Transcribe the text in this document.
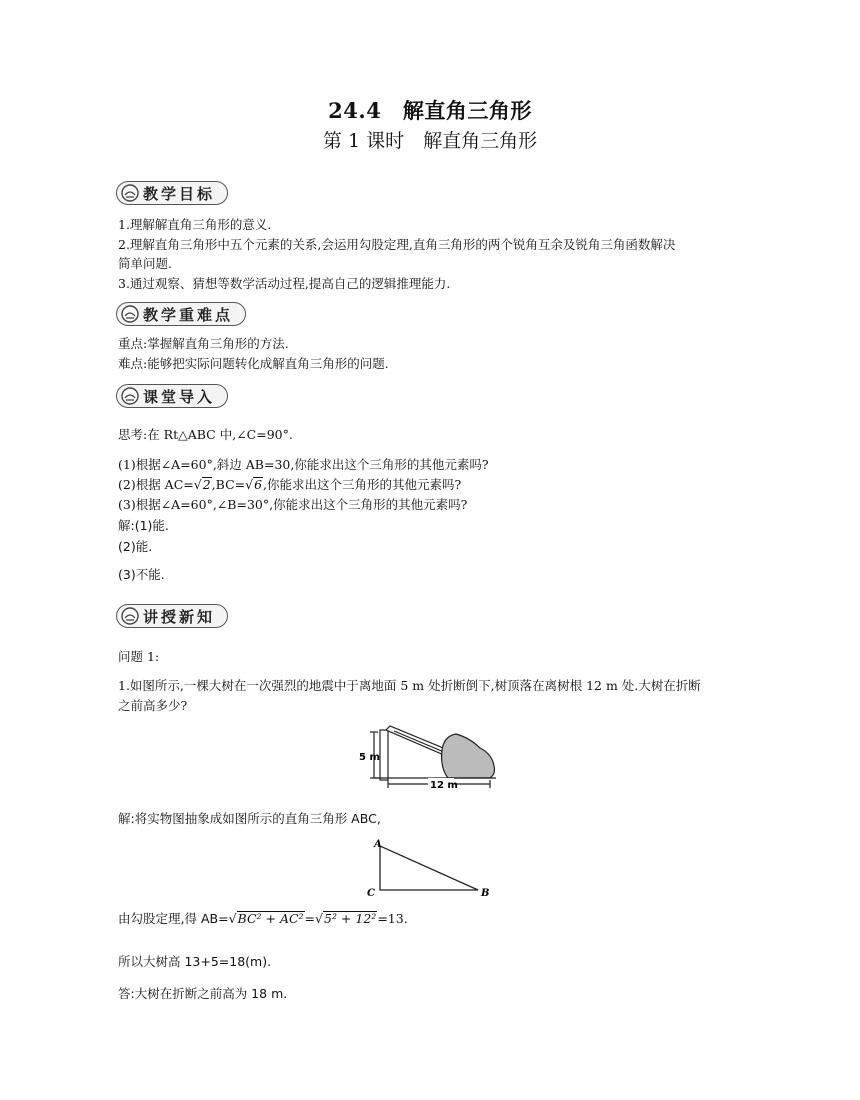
24.4　解直角三角形
第 1 课时　解直角三角形
教学目标
1.理解解直角三角形的意义.
2.理解直角三角形中五个元素的关系,会运用勾股定理,直角三角形的两个锐角互余及锐角三角函数解决
简单问题.
3.通过观察、猜想等数学活动过程,提高自己的逻辑推理能力.
教学重难点
重点:掌握解直角三角形的方法.
难点:能够把实际问题转化成解直角三角形的问题.
课堂导入
思考:在 Rt△ABC 中,∠C=90°.
(1)根据∠A=60°,斜边 AB=30,你能求出这个三角形的其他元素吗?
(2)根据 AC=√2,BC=√6,你能求出这个三角形的其他元素吗?
(3)根据∠A=60°,∠B=30°,你能求出这个三角形的其他元素吗?
解:(1)能.
(2)能.
(3)不能.
讲授新知
问题 1:
1.如图所示,一棵大树在一次强烈的地震中于离地面 5 m 处折断倒下,树顶落在离树根 12 m 处.大树在折断
之前高多少?
5 m
12 m
解:将实物图抽象成如图所示的直角三角形 ABC,
A
C	B
由勾股定理,得 AB=√BC² + AC²=√5² + 12²=13.
所以大树高 13+5=18(m).
答:大树在折断之前高为 18 m.
